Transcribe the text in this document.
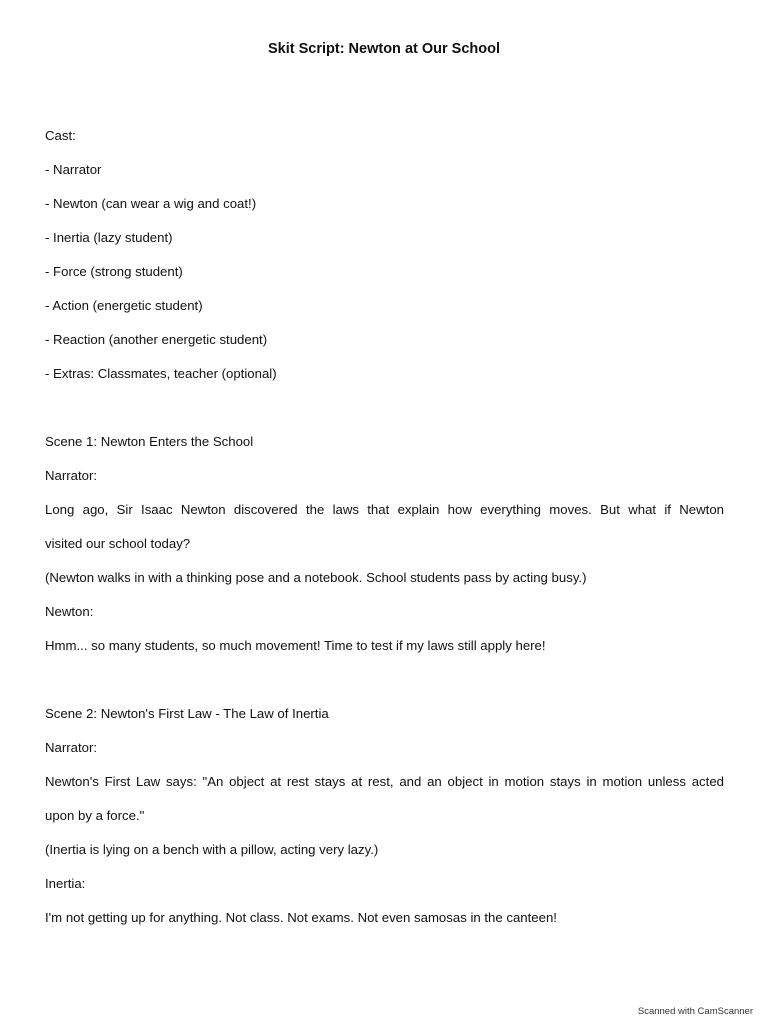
Skit Script: Newton at Our School

Cast:

- Narrator

- Newton (can wear a wig and coat!)

- Inertia (lazy student)

- Force (strong student)

- Action (energetic student)

- Reaction (another energetic student)

- Extras: Classmates, teacher (optional)

Scene 1: Newton Enters the School

Narrator:

Long ago, Sir Isaac Newton discovered the laws that explain how everything moves. But what if Newton

visited our school today?

(Newton walks in with a thinking pose and a notebook. School students pass by acting busy.)

Newton:

Hmm... so many students, so much movement! Time to test if my laws still apply here!

Scene 2: Newton's First Law - The Law of Inertia

Narrator:

Newton's First Law says: "An object at rest stays at rest, and an object in motion stays in motion unless acted

upon by a force."

(Inertia is lying on a bench with a pillow, acting very lazy.)

Inertia:

I'm not getting up for anything. Not class. Not exams. Not even samosas in the canteen!

Scanned with CamScanner
